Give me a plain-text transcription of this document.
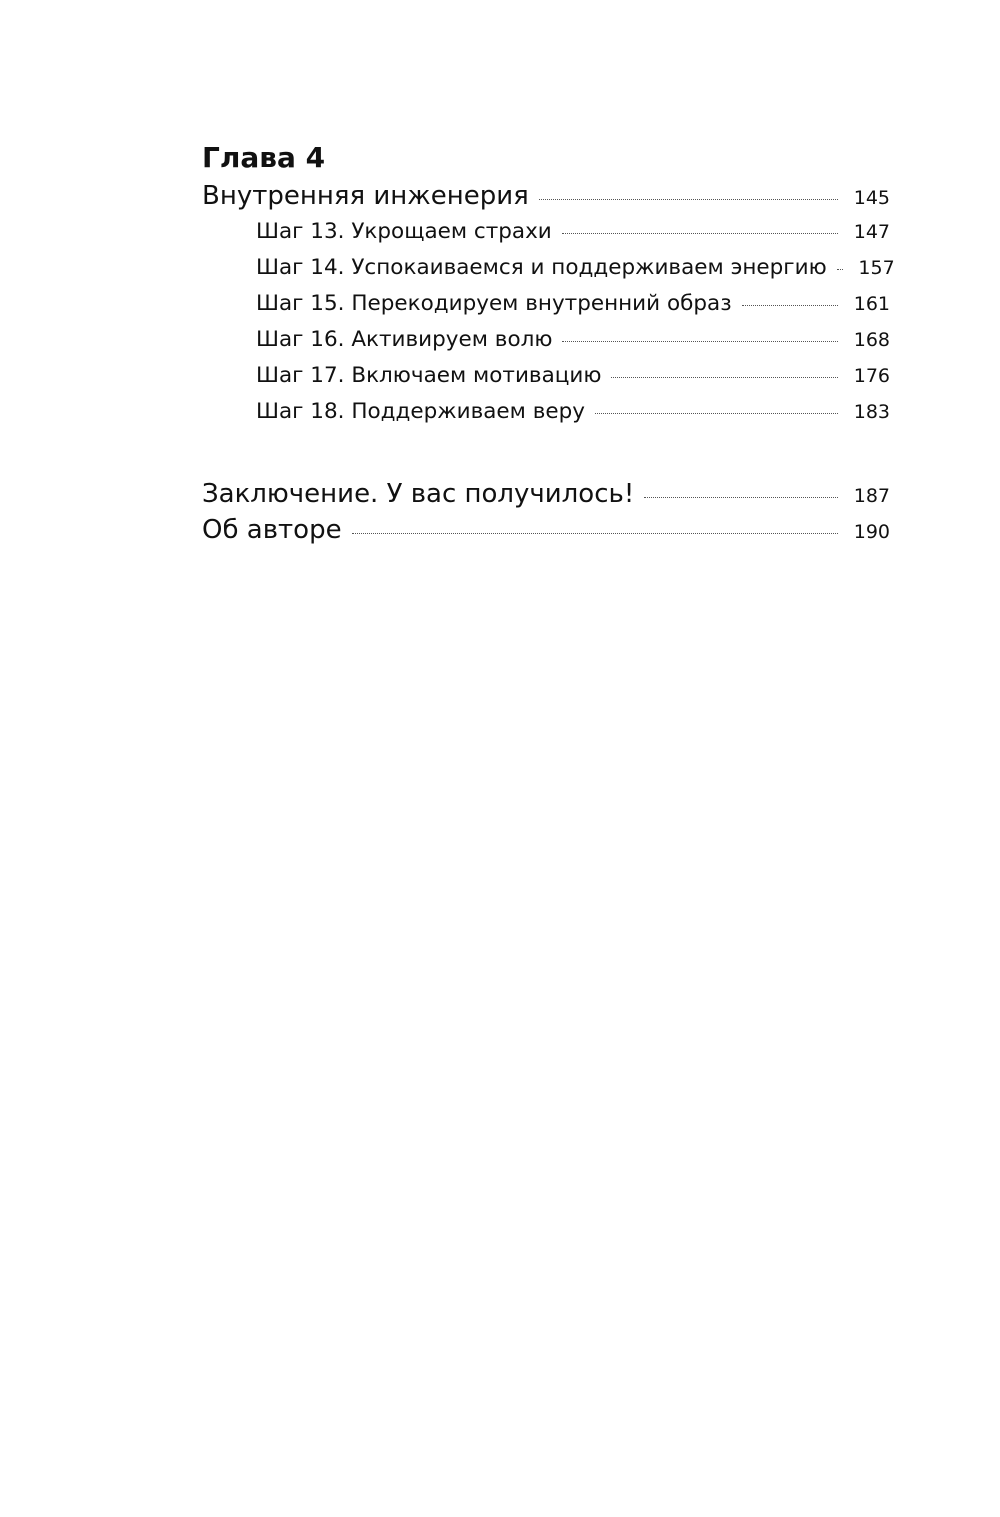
Глава 4
Внутренняя инженерия	145
Шаг 13. Укрощаем страхи	147
Шаг 14. Успокаиваемся и поддерживаем энергию	157
Шаг 15. Перекодируем внутренний образ	161
Шаг 16. Активируем волю	168
Шаг 17. Включаем мотивацию	176
Шаг 18. Поддерживаем веру	183
Заключение. У вас получилось!	187
Об авторе	190
